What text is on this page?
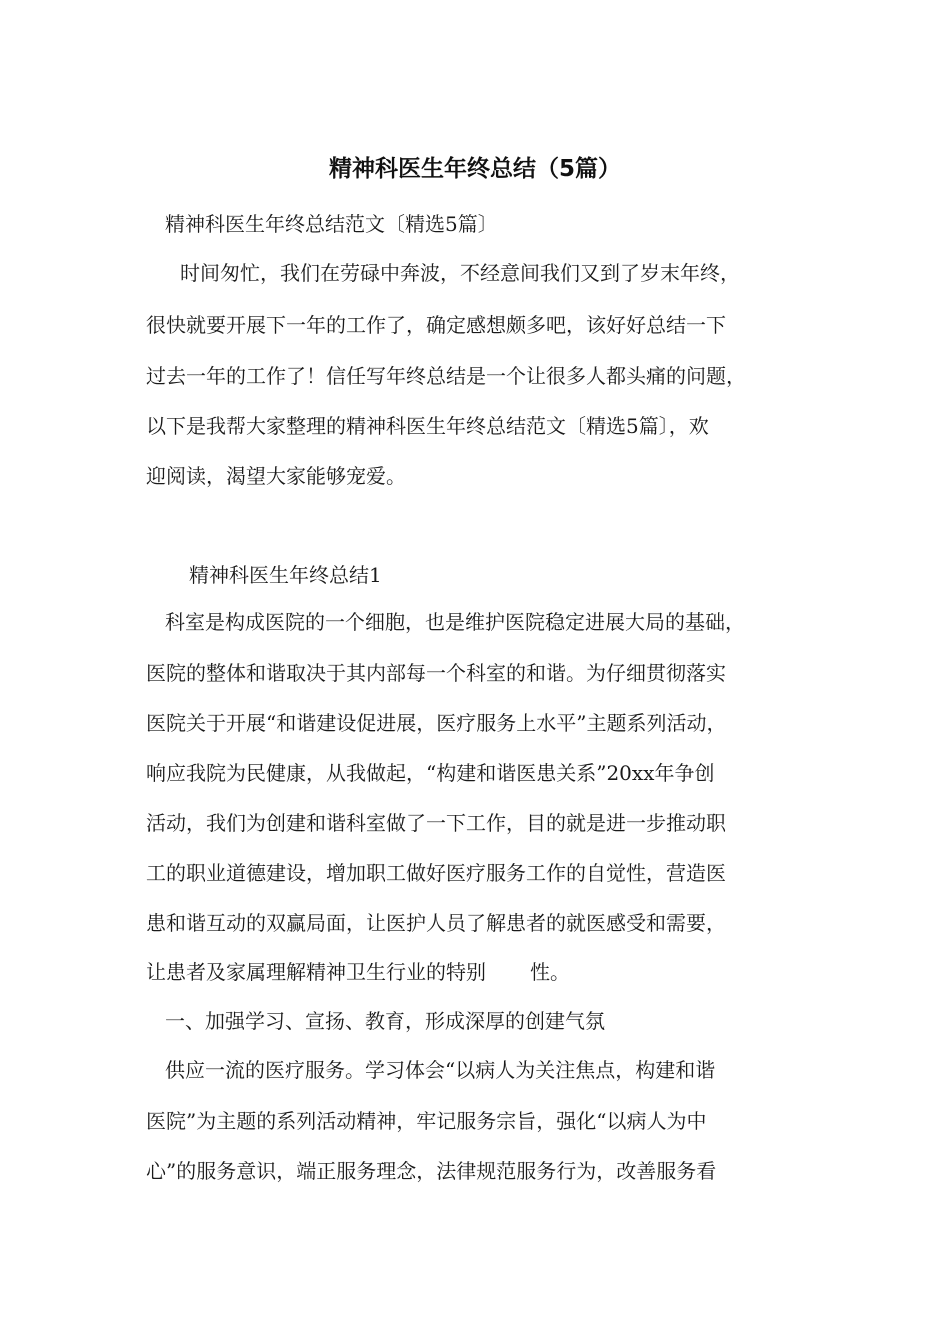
精神科医生年终总结（5篇）
精神科医生年终总结范文〔精选5篇〕
时间匆忙，我们在劳碌中奔波，不经意间我们又到了岁末年终，
很快就要开展下一年的工作了，确定感想颇多吧，该好好总结一下
过去一年的工作了！信任写年终总结是一个让很多人都头痛的问题，
以下是我帮大家整理的精神科医生年终总结范文〔精选5篇〕，欢
迎阅读，渴望大家能够宠爱。
精神科医生年终总结1
科室是构成医院的一个细胞，也是维护医院稳定进展大局的基础，
医院的整体和谐取决于其内部每一个科室的和谐。为仔细贯彻落实
医院关于开展“和谐建设促进展，医疗服务上水平”主题系列活动，
响应我院为民健康，从我做起，“构建和谐医患关系”20xx年争创
活动，我们为创建和谐科室做了一下工作，目的就是进一步推动职
工的职业道德建设，增加职工做好医疗服务工作的自觉性，营造医
患和谐互动的双赢局面，让医护人员了解患者的就医感受和需要，
让患者及家属理解精神卫生行业的特别 性。
一、加强学习、宣扬、教育，形成深厚的创建气氛
供应一流的医疗服务。学习体会“以病人为关注焦点，构建和谐
医院”为主题的系列活动精神，牢记服务宗旨，强化“以病人为中
心”的服务意识，端正服务理念，法律规范服务行为，改善服务看
